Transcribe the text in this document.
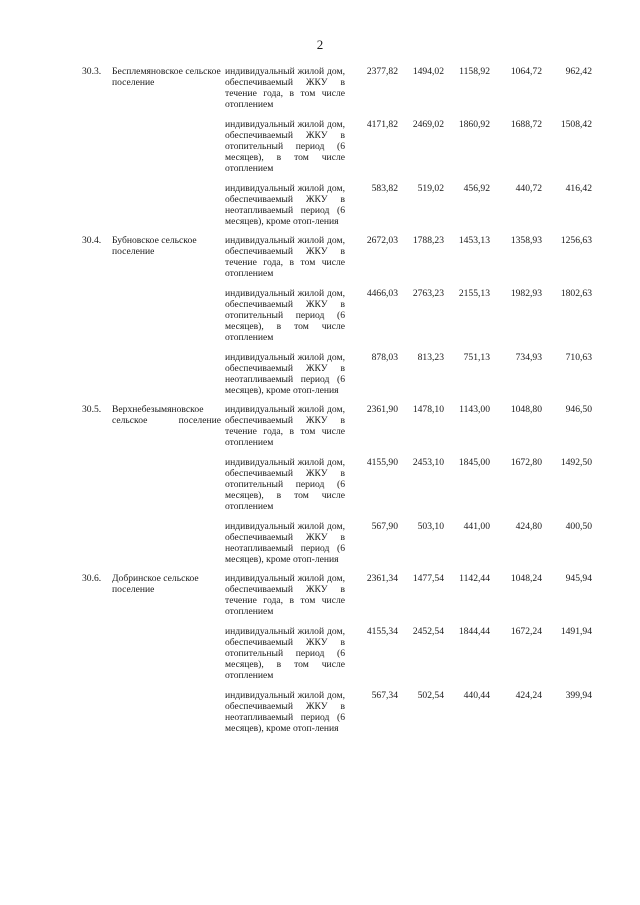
2
30.3.	Бесплемяновское сельское поселение	индивидуальный жилой дом, обеспечиваемый ЖКУ в течение года, в том числе отоплением	2377,82	1494,02	1158,92	1064,72	962,42

		индивидуальный жилой дом, обеспечиваемый ЖКУ в отопительный период (6 месяцев), в том числе отоплением	4171,82	2469,02	1860,92	1688,72	1508,42

		индивидуальный жилой дом, обеспечиваемый ЖКУ в неотапливаемый период (6 месяцев), кроме отоп-ления	583,82	519,02	456,92	440,72	416,42

30.4.	Бубновское сельское поселение	индивидуальный жилой дом, обеспечиваемый ЖКУ в течение года, в том числе отоплением	2672,03	1788,23	1453,13	1358,93	1256,63

		индивидуальный жилой дом, обеспечиваемый ЖКУ в отопительный период (6 месяцев), в том числе отоплением	4466,03	2763,23	2155,13	1982,93	1802,63

		индивидуальный жилой дом, обеспечиваемый ЖКУ в неотапливаемый период (6 месяцев), кроме отоп-ления	878,03	813,23	751,13	734,93	710,63

30.5.	Верхнебезымяновское сельское поселение	индивидуальный жилой дом, обеспечиваемый ЖКУ в течение года, в том числе отоплением	2361,90	1478,10	1143,00	1048,80	946,50

		индивидуальный жилой дом, обеспечиваемый ЖКУ в отопительный период (6 месяцев), в том числе отоплением	4155,90	2453,10	1845,00	1672,80	1492,50

		индивидуальный жилой дом, обеспечиваемый ЖКУ в неотапливаемый период (6 месяцев), кроме отоп-ления	567,90	503,10	441,00	424,80	400,50

30.6.	Добринское сельское поселение	индивидуальный жилой дом, обеспечиваемый ЖКУ в течение года, в том числе отоплением	2361,34	1477,54	1142,44	1048,24	945,94

		индивидуальный жилой дом, обеспечиваемый ЖКУ в отопительный период (6 месяцев), в том числе отоплением	4155,34	2452,54	1844,44	1672,24	1491,94

		индивидуальный жилой дом, обеспечиваемый ЖКУ в неотапливаемый период (6 месяцев), кроме отоп-ления	567,34	502,54	440,44	424,24	399,94
